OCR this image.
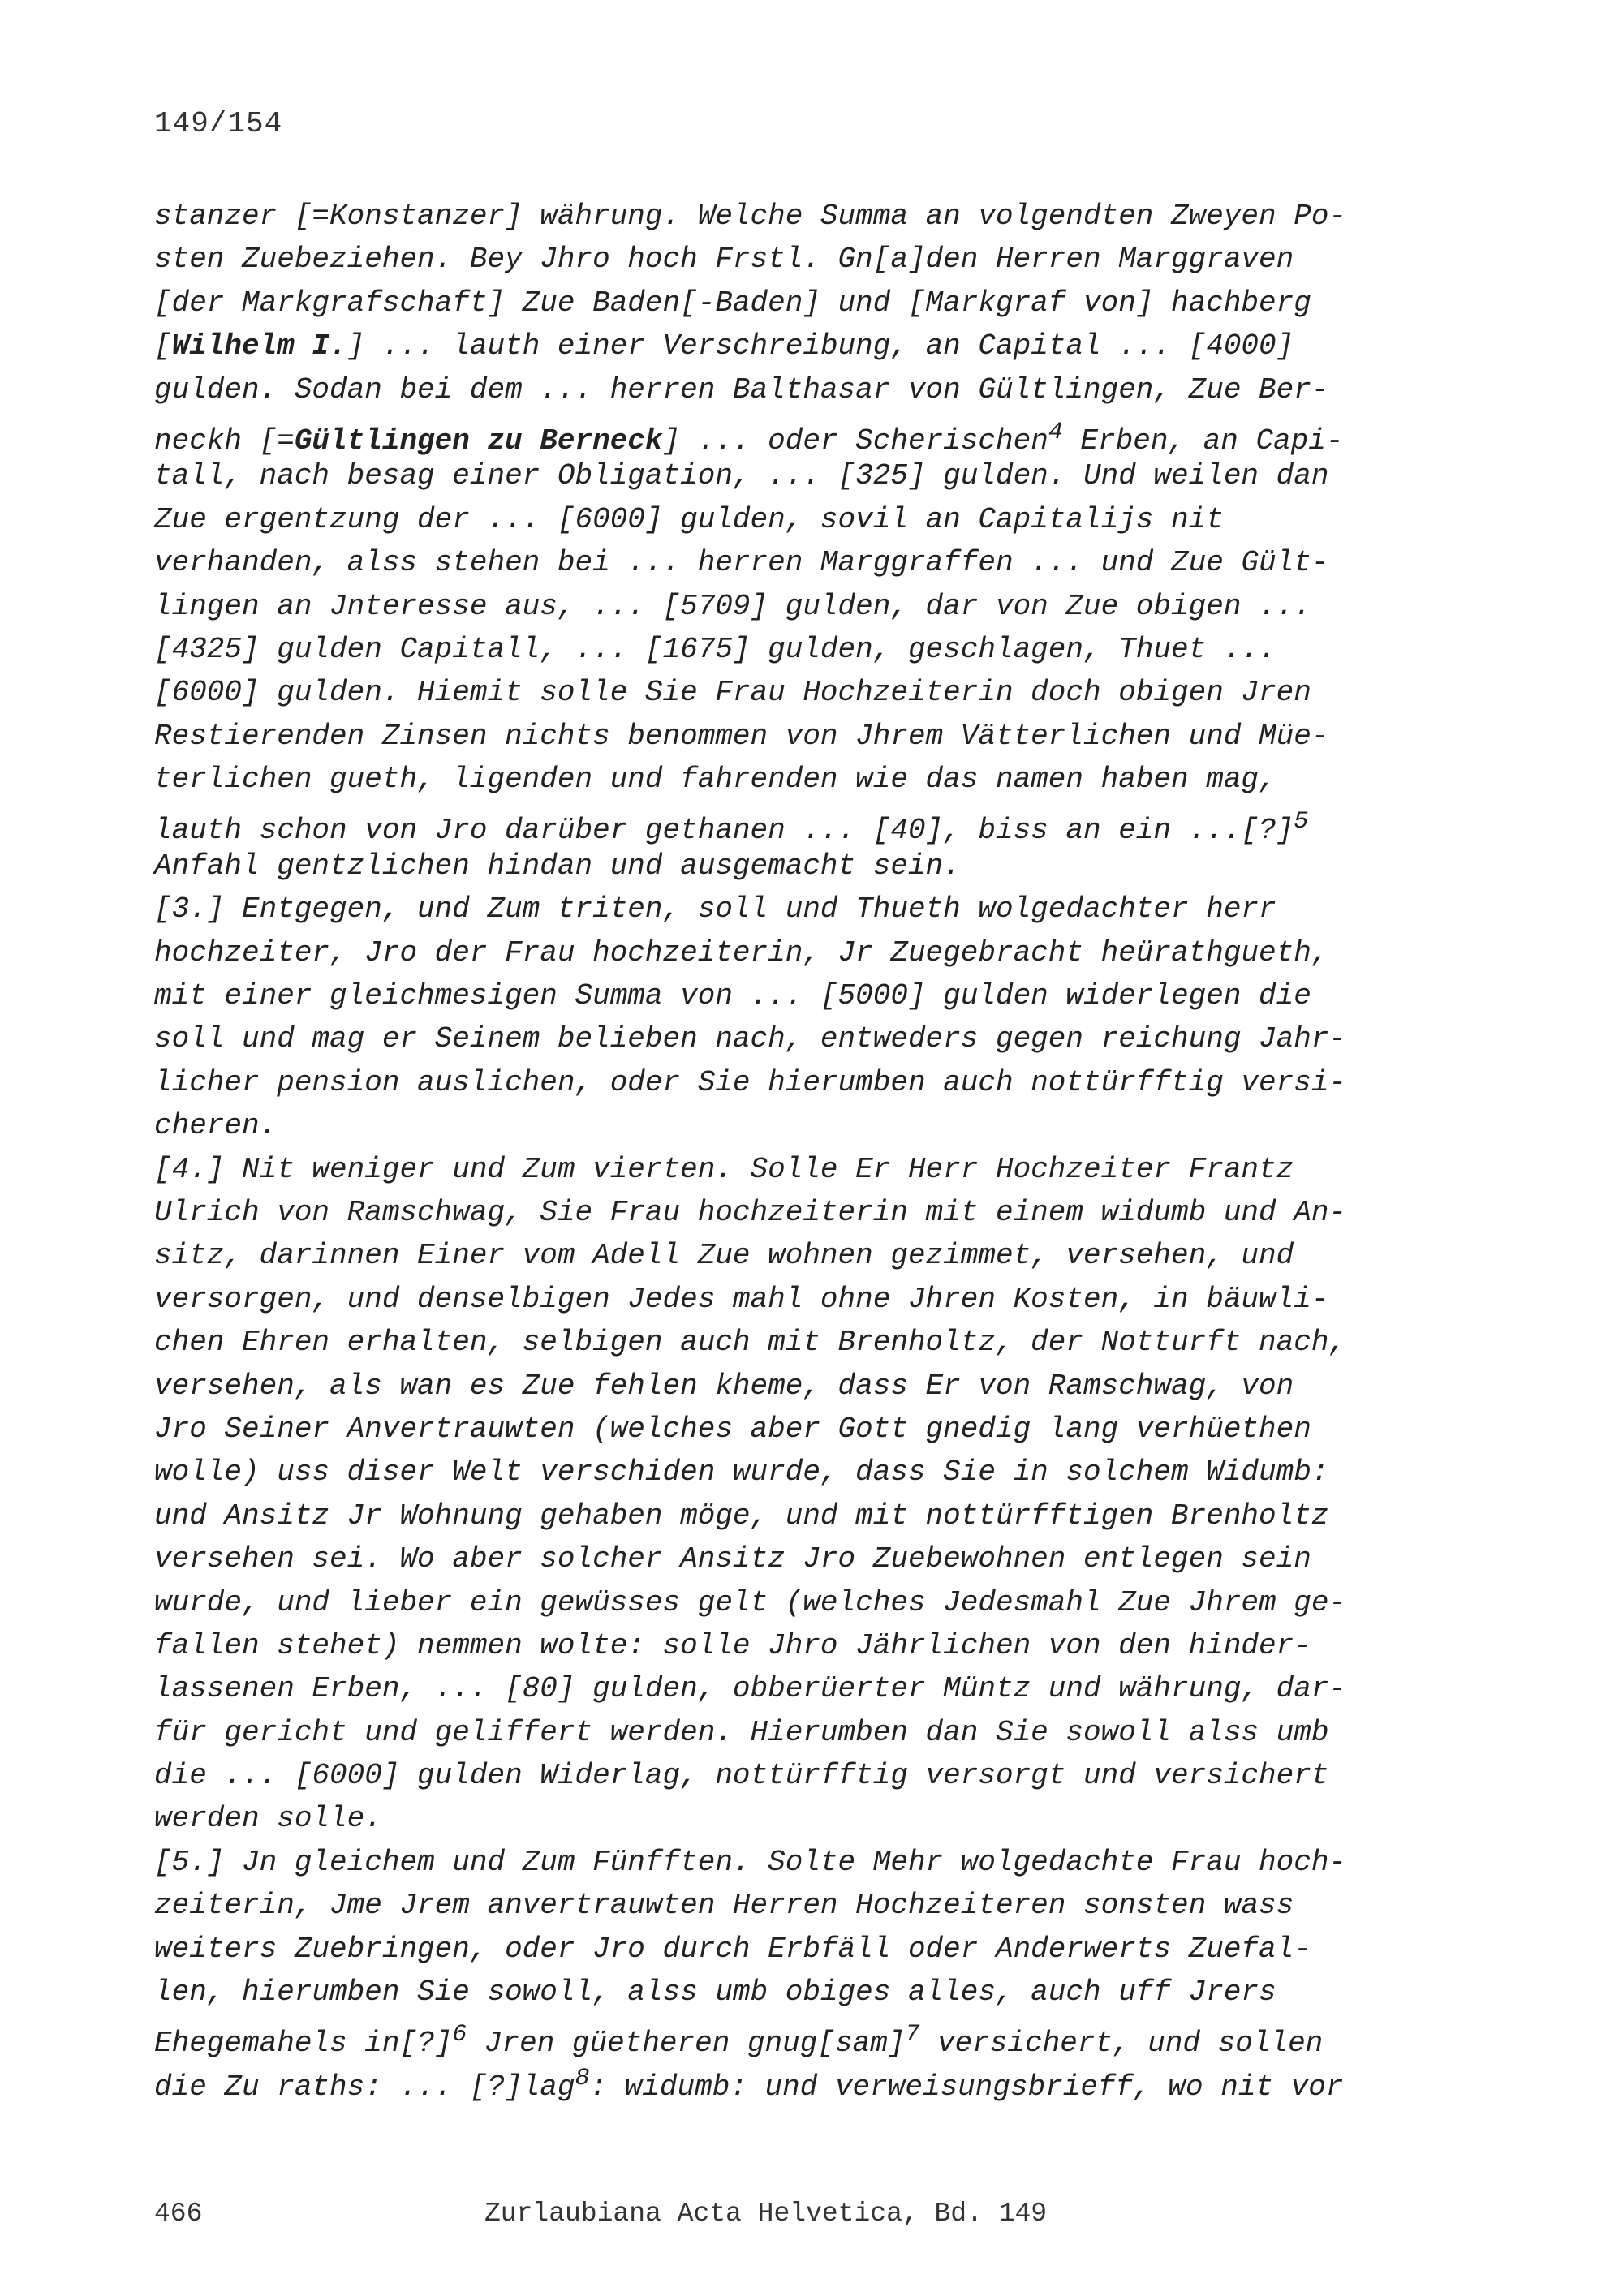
149/154
stanzer [=Konstanzer] währung. Welche Summa an volgendten Zweyen Po-
sten Zuebeziehen. Bey Jhro hoch Frstl. Gn[a]den Herren Marggraven
[der Markgrafschaft] Zue Baden[-Baden] und [Markgraf von] hachberg
[Wilhelm I.] ... lauth einer Verschreibung, an Capital ... [4000]
gulden. Sodan bei dem ... herren Balthasar von Gültlingen, Zue Ber-
neckh [=Gültlingen zu Berneck] ... oder Scherischen$^4$ Erben, an Capi-
tall, nach besag einer Obligation, ... [325] gulden. Und weilen dan
Zue ergentzung der ... [6000] gulden, sovil an Capitalijs nit
verhanden, alss stehen bei ... herren Marggraffen ... und Zue Gült-
lingen an Jnteresse aus, ... [5709] gulden, dar von Zue obigen ...
[4325] gulden Capitall, ... [1675] gulden, geschlagen, Thuet ...
[6000] gulden. Hiemit solle Sie Frau Hochzeiterin doch obigen Jren
Restierenden Zinsen nichts benommen von Jhrem Vätterlichen und Müe-
terlichen gueth, ligenden und fahrenden wie das namen haben mag,
lauth schon von Jro darüber gethanen ... [40], biss an ein ...[?]$^5$
Anfahl gentzlichen hindan und ausgemacht sein.
[3.] Entgegen, und Zum triten, soll und Thueth wolgedachter herr
hochzeiter, Jro der Frau hochzeiterin, Jr Zuegebracht heürathgueth,
mit einer gleichmesigen Summa von ... [5000] gulden widerlegen die
soll und mag er Seinem belieben nach, entweders gegen reichung Jahr-
licher pension auslichen, oder Sie hierumben auch nottürfftig versi-
cheren.
[4.] Nit weniger und Zum vierten. Solle Er Herr Hochzeiter Frantz
Ulrich von Ramschwag, Sie Frau hochzeiterin mit einem widumb und An-
sitz, darinnen Einer vom Adell Zue wohnen gezimmet, versehen, und
versorgen, und denselbigen Jedes mahl ohne Jhren Kosten, in bäuwli-
chen Ehren erhalten, selbigen auch mit Brenholtz, der Notturft nach,
versehen, als wan es Zue fehlen kheme, dass Er von Ramschwag, von
Jro Seiner Anvertrauwten (welches aber Gott gnedig lang verhüethen
wolle) uss diser Welt verschiden wurde, dass Sie in solchem Widumb:
und Ansitz Jr Wohnung gehaben möge, und mit nottürfftigen Brenholtz
versehen sei. Wo aber solcher Ansitz Jro Zuebewohnen entlegen sein
wurde, und lieber ein gewüsses gelt (welches Jedesmahl Zue Jhrem ge-
fallen stehet) nemmen wolte: solle Jhro Jährlichen von den hinder-
lassenen Erben, ... [80] gulden, obberüerter Müntz und währung, dar-
für gericht und geliffert werden. Hierumben dan Sie sowoll alss umb
die ... [6000] gulden Widerlag, nottürfftig versorgt und versichert
werden solle.
[5.] Jn gleichem und Zum Fünfften. Solte Mehr wolgedachte Frau hoch-
zeiterin, Jme Jrem anvertrauwten Herren Hochzeiteren sonsten wass
weiters Zuebringen, oder Jro durch Erbfäll oder Anderwerts Zuefal-
len, hierumben Sie sowoll, alss umb obiges alles, auch uff Jrers
Ehegemahels in[?]$^6$ Jren güetheren gnug[sam]$^7$ versichert, und sollen
die Zu raths: ... [?]lag$^8$: widumb: und verweisungsbrieff, wo nit vor
466	Zurlaubiana Acta Helvetica, Bd. 149
